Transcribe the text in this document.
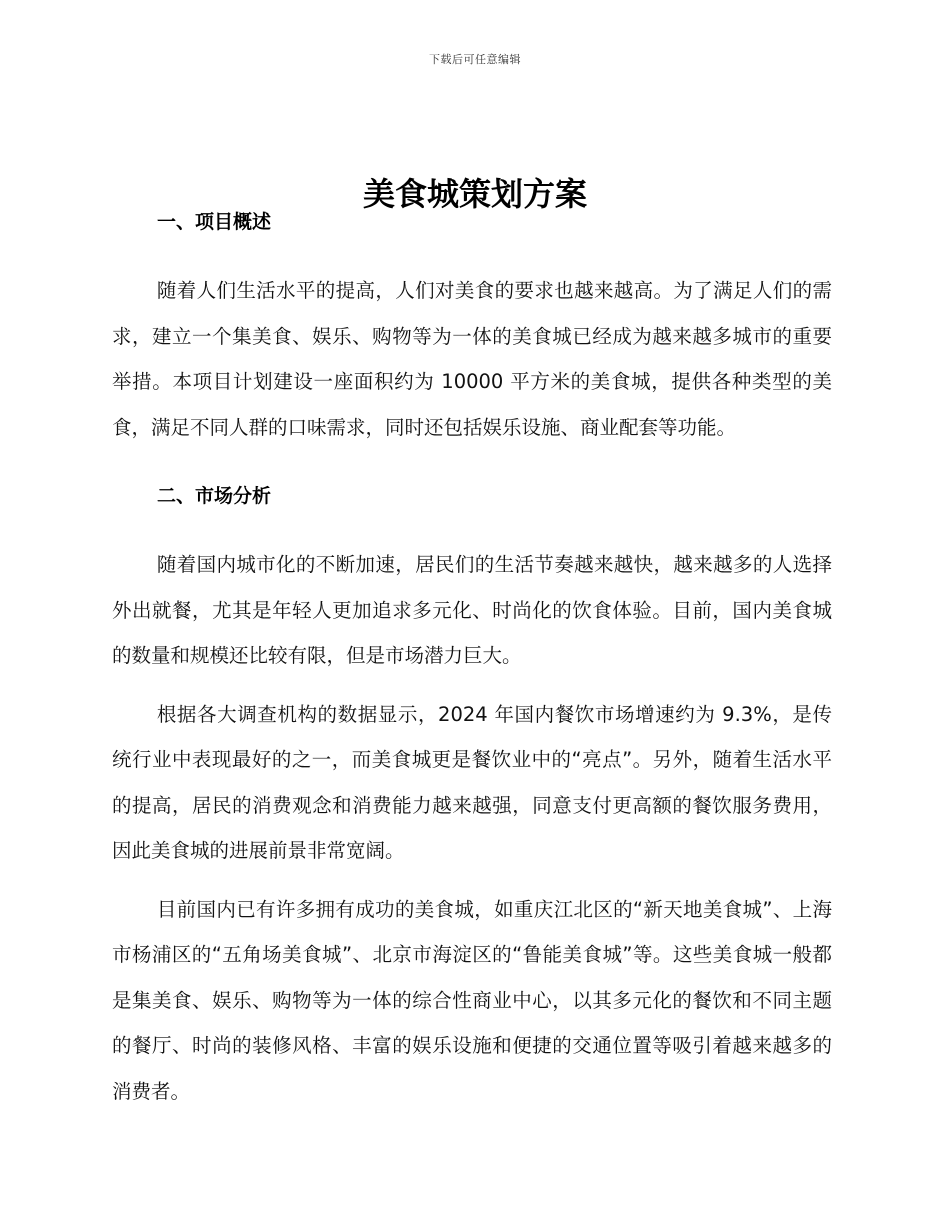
下载后可任意编辑
美食城策划方案
一、项目概述

随着人们生活水平的提高，人们对美食的要求也越来越高。为了满足人们的需求，建立一个集美食、娱乐、购物等为一体的美食城已经成为越来越多城市的重要举措。本项目计划建设一座面积约为 10000 平方米的美食城，提供各种类型的美食，满足不同人群的口味需求，同时还包括娱乐设施、商业配套等功能。

二、市场分析

随着国内城市化的不断加速，居民们的生活节奏越来越快，越来越多的人选择外出就餐，尤其是年轻人更加追求多元化、时尚化的饮食体验。目前，国内美食城的数量和规模还比较有限，但是市场潜力巨大。

根据各大调查机构的数据显示，2024 年国内餐饮市场增速约为 9.3%，是传统行业中表现最好的之一，而美食城更是餐饮业中的“亮点”。另外，随着生活水平的提高，居民的消费观念和消费能力越来越强，同意支付更高额的餐饮服务费用，因此美食城的进展前景非常宽阔。

目前国内已有许多拥有成功的美食城，如重庆江北区的“新天地美食城”、上海市杨浦区的“五角场美食城”、北京市海淀区的“鲁能美食城”等。这些美食城一般都是集美食、娱乐、购物等为一体的综合性商业中心，以其多元化的餐饮和不同主题的餐厅、时尚的装修风格、丰富的娱乐设施和便捷的交通位置等吸引着越来越多的消费者。
